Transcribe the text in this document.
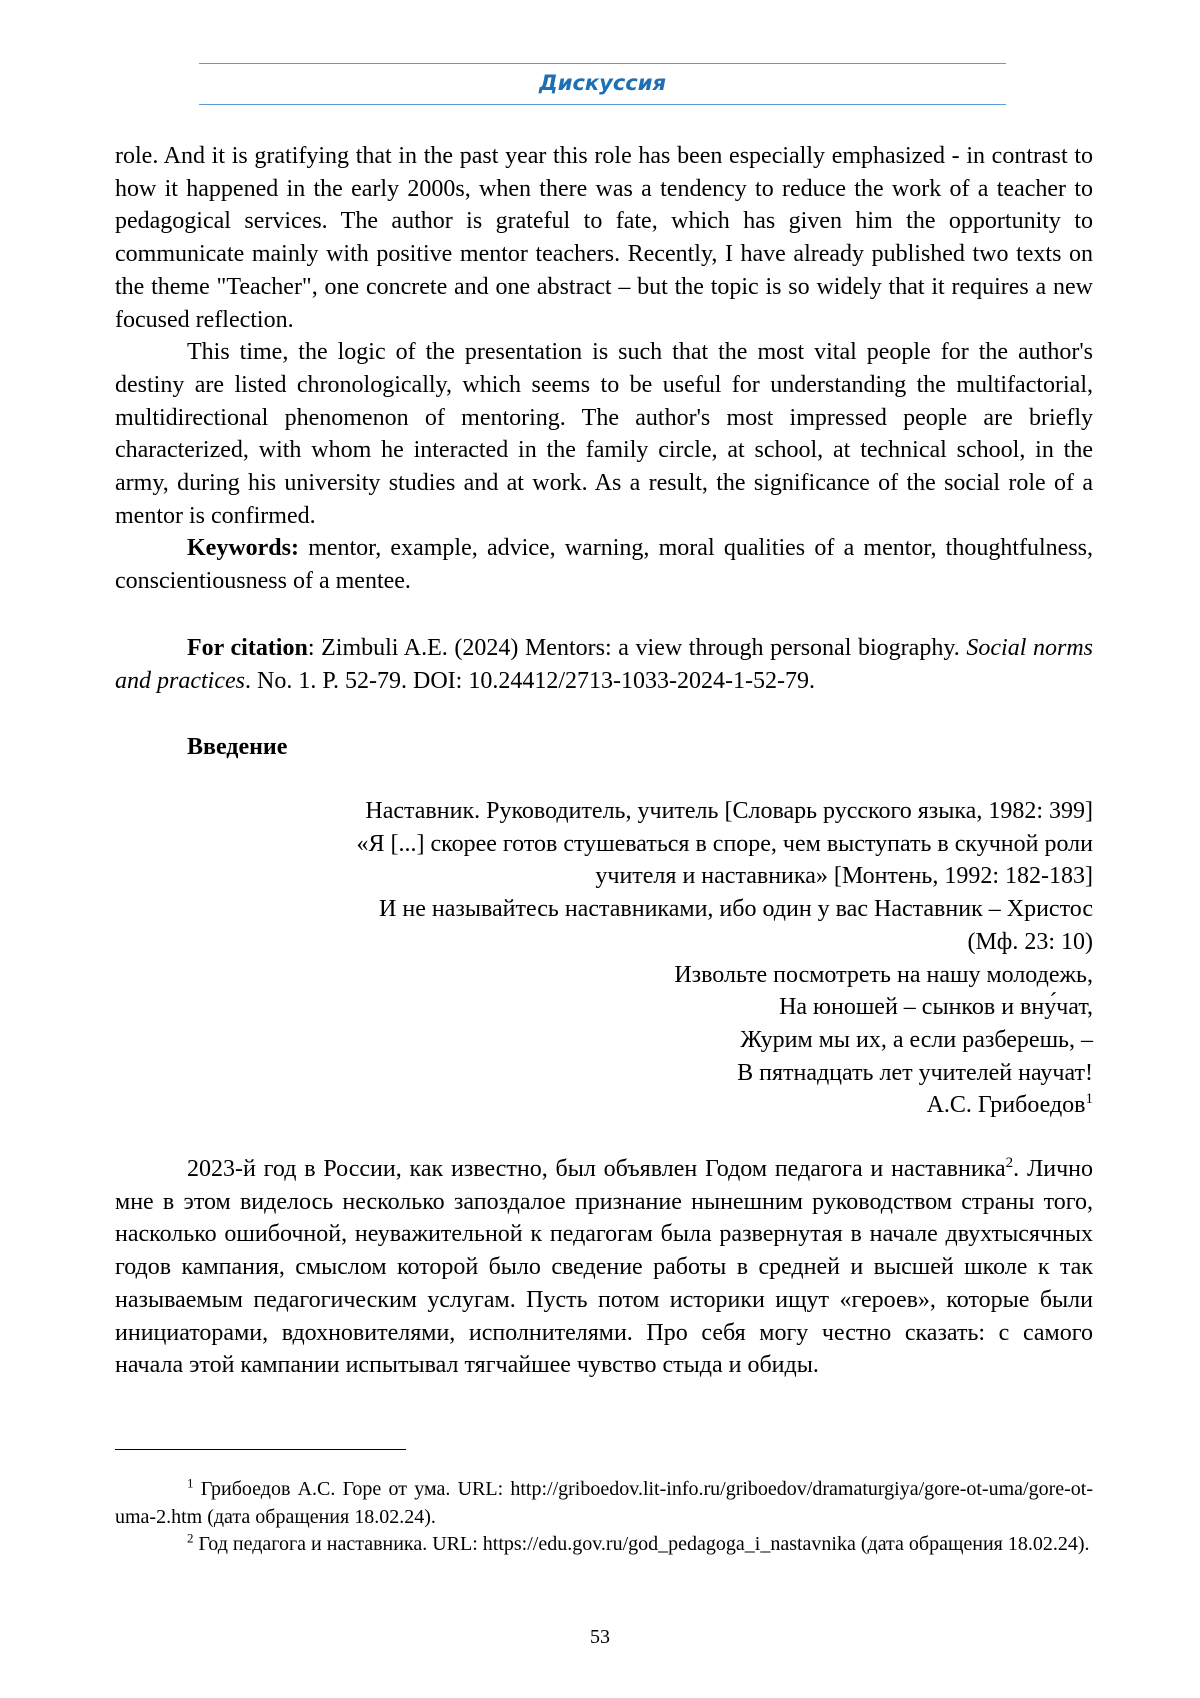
Дискуссия

role. And it is gratifying that in the past year this role has been especially emphasized - in contrast to how it happened in the early 2000s, when there was a tendency to reduce the work of a teacher to pedagogical services. The author is grateful to fate, which has given him the opportunity to communicate mainly with positive mentor teachers. Recently, I have already published two texts on the theme "Teacher", one concrete and one abstract – but the topic is so widely that it requires a new focused reflection.

This time, the logic of the presentation is such that the most vital people for the author's destiny are listed chronologically, which seems to be useful for understanding the multifactorial, multidirectional phenomenon of mentoring. The author's most impressed people are briefly characterized, with whom he interacted in the family circle, at school, at technical school, in the army, during his university studies and at work. As a result, the significance of the social role of a mentor is confirmed.

Keywords: mentor, example, advice, warning, moral qualities of a mentor, thoughtfulness, conscientiousness of a mentee.

For citation: Zimbuli A.E. (2024) Mentors: a view through personal biography. Social norms and practices. No. 1. P. 52-79. DOI: 10.24412/2713-1033-2024-1-52-79.

Введение

Наставник. Руководитель, учитель [Словарь русского языка, 1982: 399]
«Я [...] скорее готов стушеваться в споре, чем выступать в скучной роли
учителя и наставника» [Монтень, 1992: 182-183]
И не называйтесь наставниками, ибо один у вас Наставник – Христос
(Мф. 23: 10)
Извольте посмотреть на нашу молодежь,
На юношей – сынков и вну́чат,
Журим мы их, а если разберешь, –
В пятнадцать лет учителей научат!
А.С. Грибоедов$^1$

2023-й год в России, как известно, был объявлен Годом педагога и наставника$^2$. Лично мне в этом виделось несколько запоздалое признание нынешним руководством страны того, насколько ошибочной, неуважительной к педагогам была развернутая в начале двухтысячных годов кампания, смыслом которой было сведение работы в средней и высшей школе к так называемым педагогическим услугам. Пусть потом историки ищут «героев», которые были инициаторами, вдохновителями, исполнителями. Про себя могу честно сказать: с самого начала этой кампании испытывал тягчайшее чувство стыда и обиды.

$^1$ Грибоедов А.С. Горе от ума. URL: http://griboedov.lit-info.ru/griboedov/dramaturgiya/gore-ot-uma/gore-ot-uma-2.htm (дата обращения 18.02.24).

$^2$ Год педагога и наставника. URL: https://edu.gov.ru/god_pedagoga_i_nastavnika (дата обращения 18.02.24).

53
